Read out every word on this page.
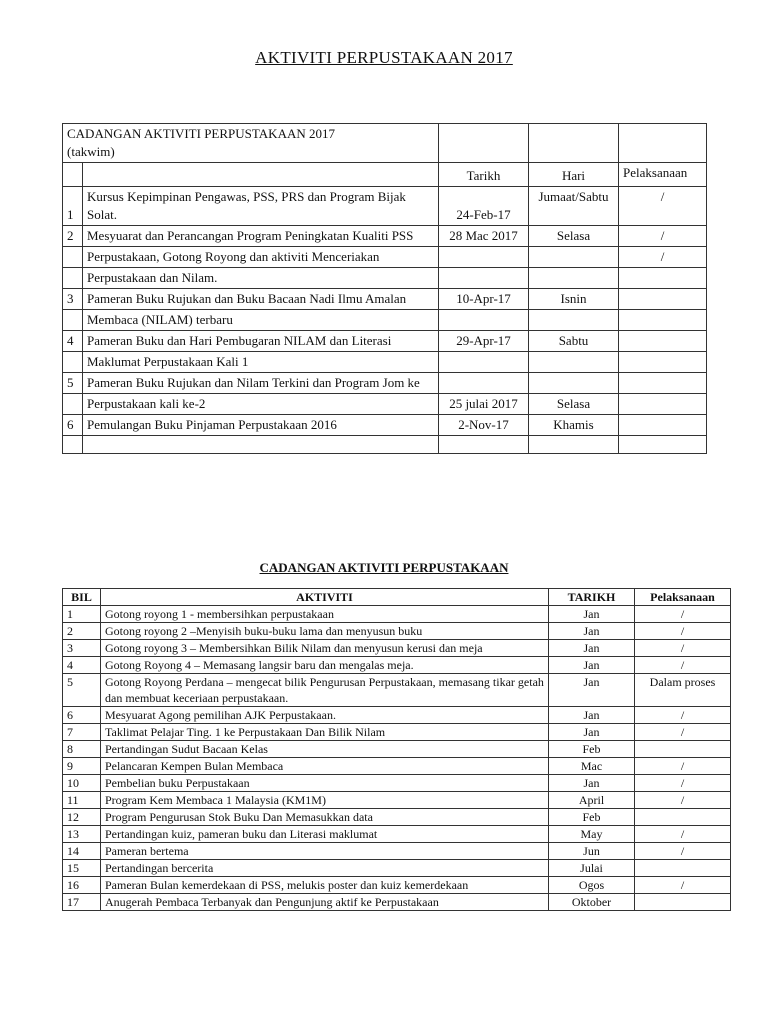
AKTIVITI PERPUSTAKAAN 2017
CADANGAN AKTIVITI PERPUSTAKAAN 2017
(takwim)				

		Tarikh	Hari	Pelaksanaan
1	Kursus Kepimpinan Pengawas, PSS, PRS dan Program Bijak Solat.	24-Feb-17	Jumaat/Sabtu	/
2	Mesyuarat dan Perancangan Program Peningkatan Kualiti PSS	28 Mac 2017	Selasa	/
	Perpustakaan, Gotong Royong dan aktiviti Menceriakan			/
	Perpustakaan dan Nilam.			
3	Pameran Buku Rujukan dan Buku Bacaan Nadi Ilmu Amalan	10-Apr-17	Isnin	
	Membaca (NILAM) terbaru			
4	Pameran Buku dan Hari Pembugaran NILAM dan Literasi	29-Apr-17	Sabtu	
	Maklumat Perpustakaan Kali 1			
5	Pameran Buku Rujukan dan Nilam Terkini dan Program Jom ke			
	Perpustakaan kali ke-2	25 julai 2017	Selasa	
6	Pemulangan Buku Pinjaman Perpustakaan 2016	2-Nov-17	Khamis	

CADANGAN AKTIVITI PERPUSTAKAAN
BIL	AKTIVITI	TARIKH	Pelaksanaan
1	Gotong royong 1 - membersihkan perpustakaan	Jan	/
2	Gotong royong 2 –Menyisih buku-buku lama dan menyusun buku	Jan	/
3	Gotong royong 3 – Membersihkan Bilik Nilam dan menyusun kerusi dan meja	Jan	/
4	Gotong Royong 4 – Memasang langsir baru dan mengalas meja.	Jan	/
5	Gotong Royong Perdana – mengecat bilik Pengurusan Perpustakaan, memasang tikar getah dan membuat keceriaan perpustakaan.	Jan	Dalam proses
6	Mesyuarat Agong pemilihan AJK Perpustakaan.	Jan	/
7	Taklimat Pelajar Ting. 1 ke Perpustakaan Dan Bilik Nilam	Jan	/
8	Pertandingan Sudut Bacaan Kelas	Feb	
9	Pelancaran Kempen Bulan Membaca	Mac	/
10	Pembelian buku Perpustakaan	Jan	/
11	Program Kem Membaca 1 Malaysia (KM1M)	April	/
12	Program Pengurusan Stok Buku Dan Memasukkan data	Feb	
13	Pertandingan kuiz, pameran buku dan Literasi maklumat	May	/
14	Pameran bertema	Jun	/
15	Pertandingan bercerita	Julai	
16	Pameran Bulan kemerdekaan di PSS, melukis poster dan kuiz kemerdekaan	Ogos	/
17	Anugerah Pembaca Terbanyak dan Pengunjung aktif ke Perpustakaan	Oktober	
